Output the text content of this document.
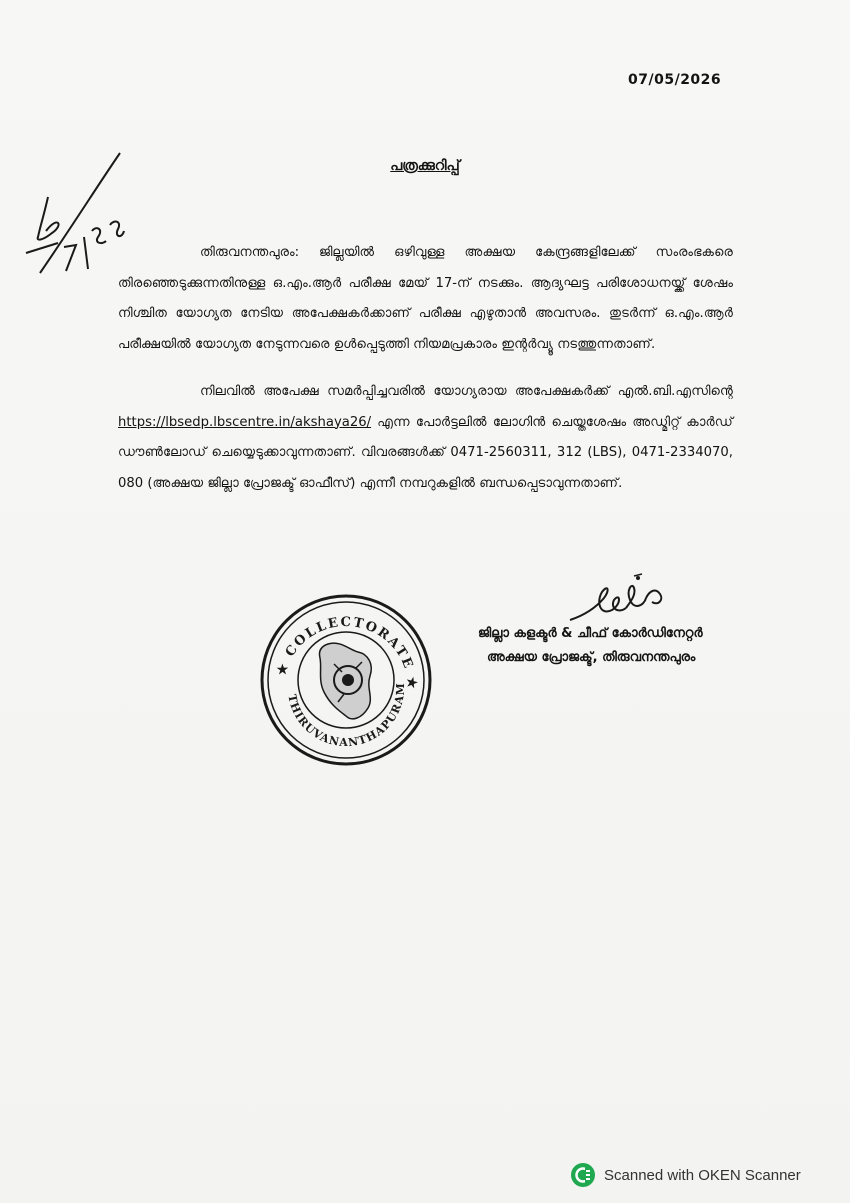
07/05/2026
പത്രക്കുറിപ്പ്

തിരുവനന്തപുരം: ജില്ലയിൽ ഒഴിവുള്ള അക്ഷയ കേന്ദ്രങ്ങളിലേക്ക് സംരംഭകരെ തിരഞ്ഞെടുക്കുന്നതിനുള്ള ഒ.എം.ആർ പരീക്ഷ മേയ് 17-ന് നടക്കും. ആദ്യഘട്ട പരിശോധനയ്ക്ക് ശേഷം നിശ്ചിത യോഗ്യത നേടിയ അപേക്ഷകർക്കാണ് പരീക്ഷ എഴുതാൻ അവസരം. തുടർന്ന് ഒ.എം.ആർ പരീക്ഷയിൽ യോഗ്യത നേടുന്നവരെ ഉൾപ്പെടുത്തി നിയമപ്രകാരം ഇന്റർവ്യൂ നടത്തുന്നതാണ്.

നിലവിൽ അപേക്ഷ സമർപ്പിച്ചവരിൽ യോഗ്യരായ അപേക്ഷകർക്ക് എൽ.ബി.എസിന്റെ https://lbsedp.lbscentre.in/akshaya26/ എന്ന പോർട്ടലിൽ ലോഗിൻ ചെയ്തശേഷം അഡ്മിറ്റ് കാർഡ് ഡൗൺലോഡ് ചെയ്യെടുക്കാവുന്നതാണ്. വിവരങ്ങൾക്ക് 0471-2560311, 312 (LBS), 0471-2334070, 080 (അക്ഷയ ജില്ലാ പ്രോജക്ട് ഓഫീസ്) എന്നീ നമ്പറുകളിൽ ബന്ധപ്പെടാവുന്നതാണ്.

★ COLLECTORATE ★
THIRUVANANTHAPURAM
ജില്ലാ കളക്ടർ & ചീഫ് കോർഡിനേറ്റർ
അക്ഷയ പ്രോജക്ട്, തിരുവനന്തപുരം
Scanned with OKEN Scanner
